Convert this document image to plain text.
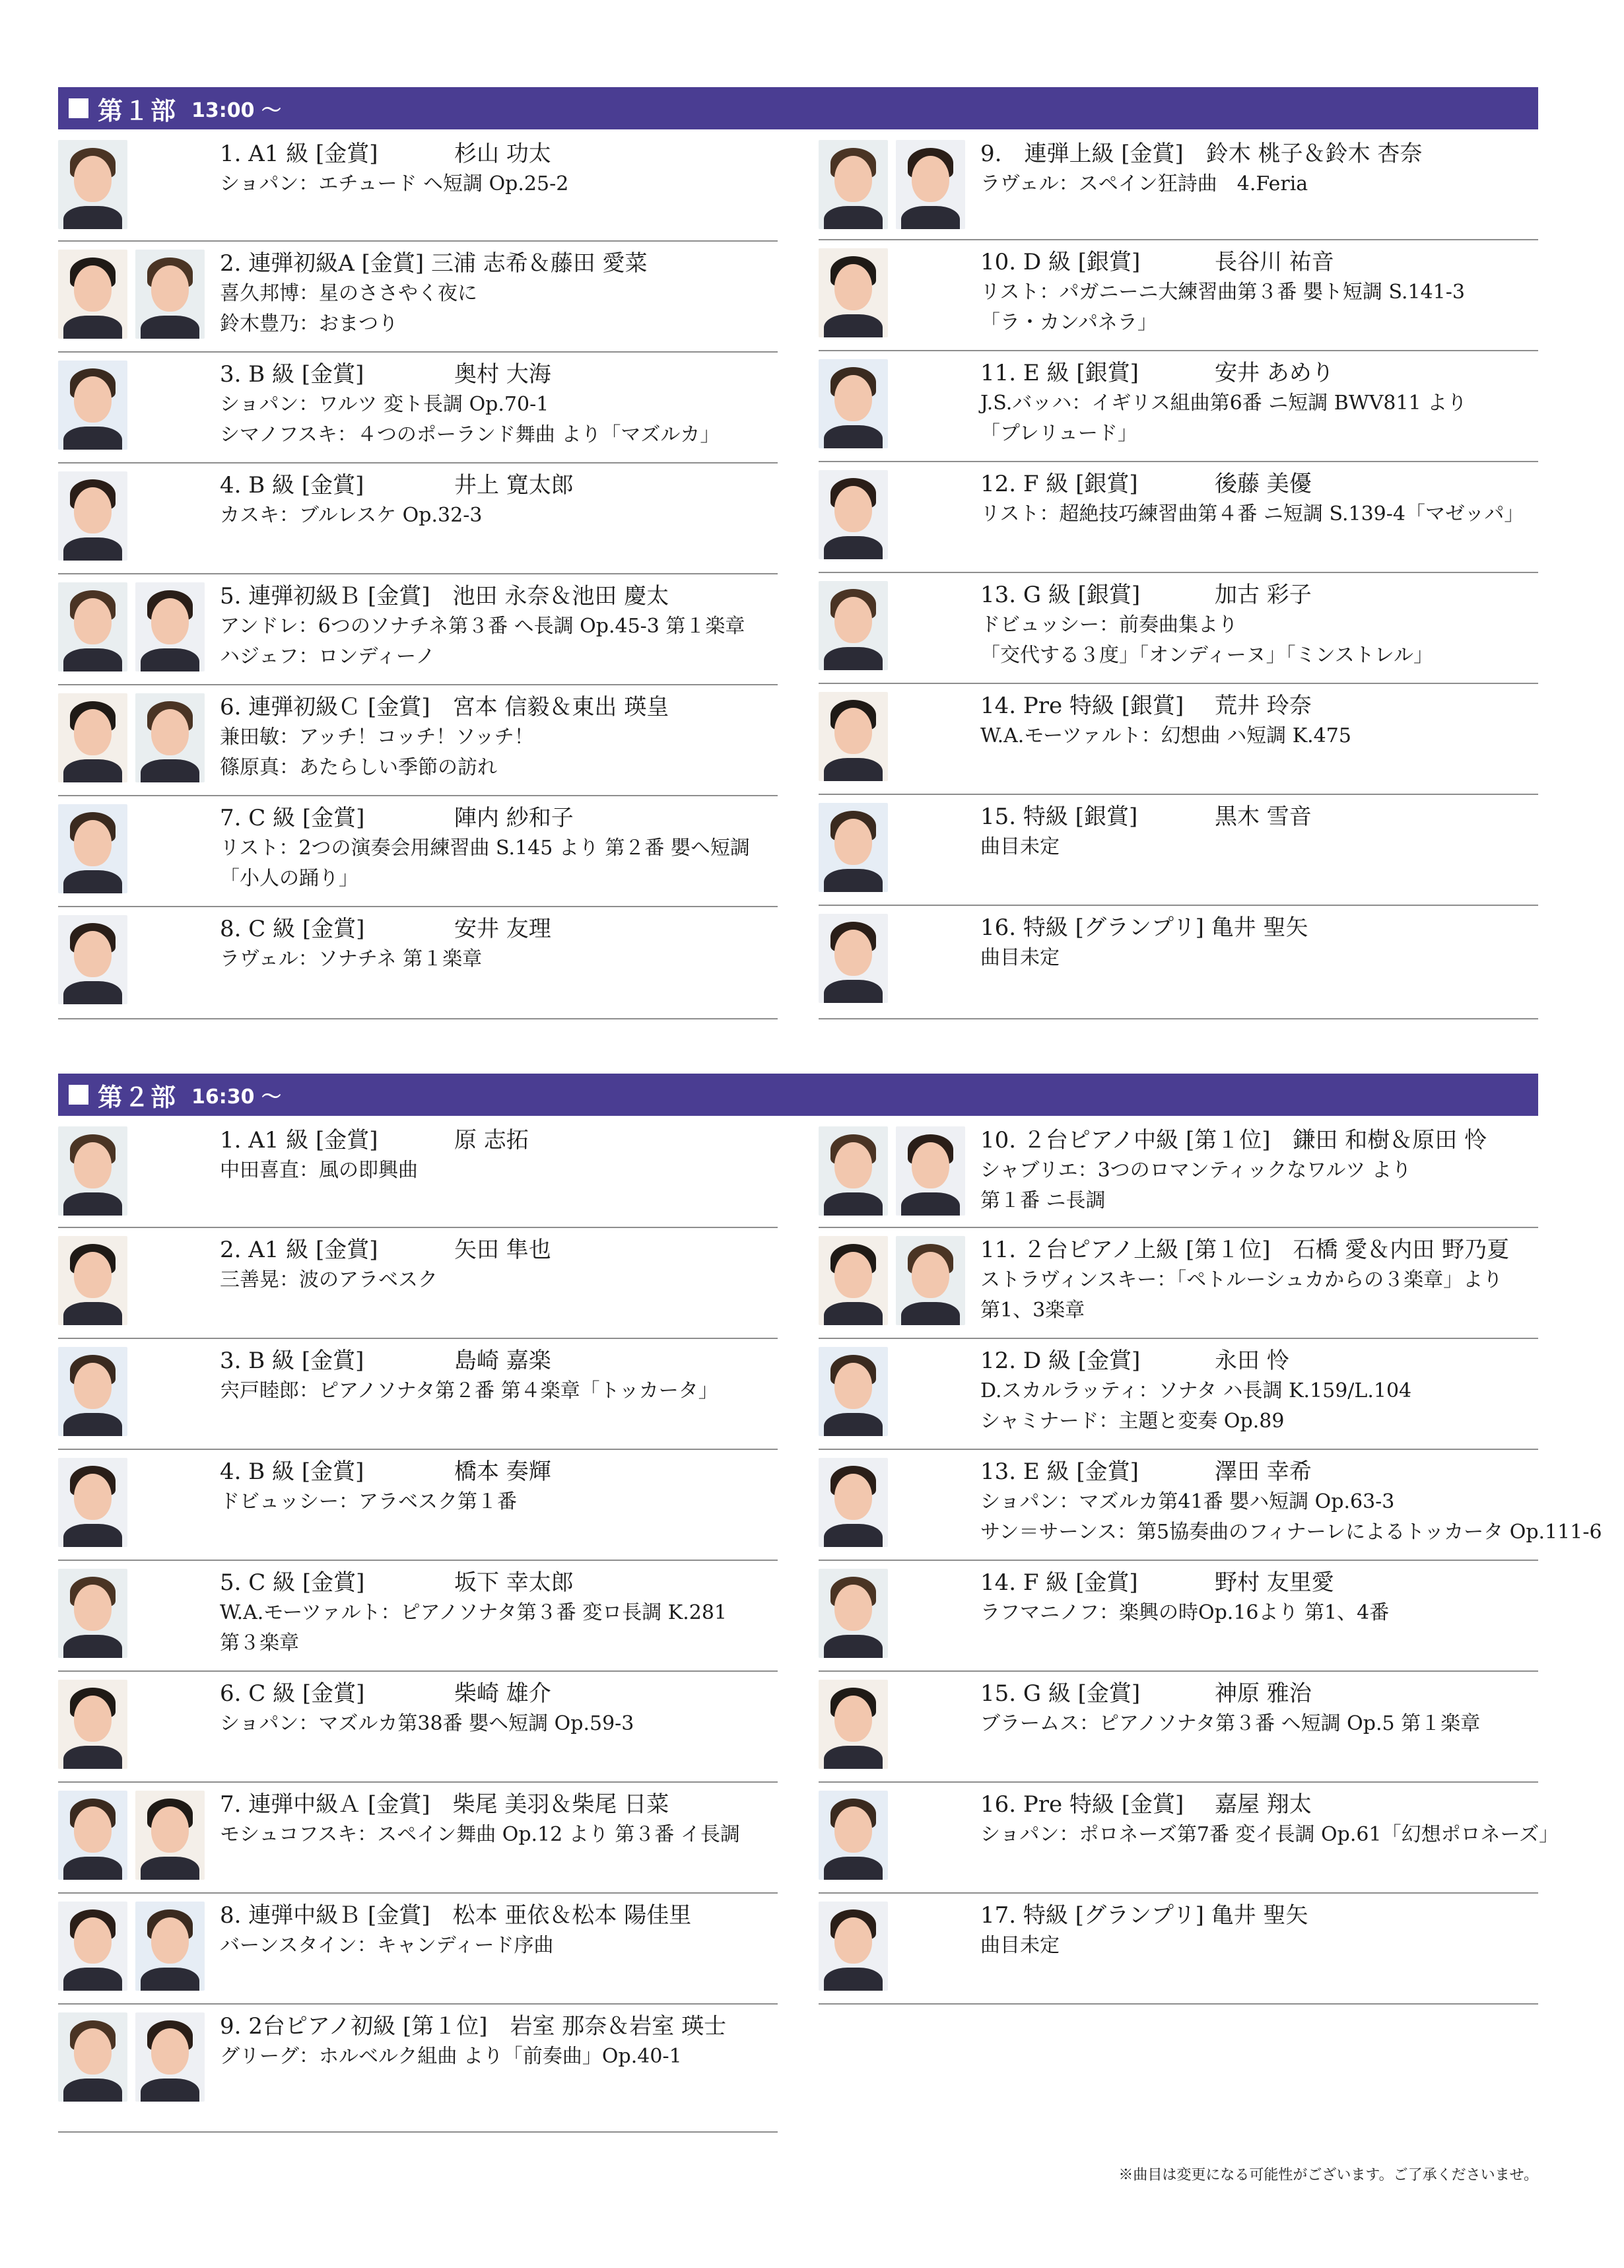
第１部 13:00 ～
1. A1 級 [金賞]	杉山 功太
ショパン：エチュード ヘ短調 Op.25-2
2. 連弾初級A [金賞] 三浦 志希＆藤田 愛菜
喜久邦博：星のささやく夜に
鈴木豊乃：おまつり
3. B 級 [金賞]	奥村 大海
ショパン：ワルツ 変ト長調 Op.70-1
シマノフスキ：４つのポーランド舞曲 より「マズルカ」
4. B 級 [金賞]	井上 寛太郎
カスキ：ブルレスケ Op.32-3
5. 連弾初級Ｂ [金賞]　池田 永奈＆池田 慶太
アンドレ：6つのソナチネ第３番 ヘ長調 Op.45-3 第１楽章
ハジェフ：ロンディーノ
6. 連弾初級Ｃ [金賞]　宮本 信毅＆東出 瑛皇
兼田敏：アッチ！コッチ！ソッチ！
篠原真：あたらしい季節の訪れ
7. C 級 [金賞]	陣内 紗和子
リスト：2つの演奏会用練習曲 S.145 より 第２番 嬰ヘ短調
「小人の踊り」
8. C 級 [金賞]	安井 友理
ラヴェル：ソナチネ 第１楽章
9.　連弾上級 [金賞]　鈴木 桃子＆鈴木 杏奈
ラヴェル：スペイン狂詩曲　4.Feria
10. D 級 [銀賞]	長谷川 祐音
リスト：パガニーニ大練習曲第３番 嬰ト短調 S.141-3
「ラ・カンパネラ」
11. E 級 [銀賞]	安井 あめり
J.S.バッハ：イギリス組曲第6番 ニ短調 BWV811 より
「プレリュード」
12. F 級 [銀賞]	後藤 美優
リスト：超絶技巧練習曲第４番 ニ短調 S.139-4「マゼッパ」
13. G 級 [銀賞]	加古 彩子
ドビュッシー：前奏曲集より
「交代する３度」「オンディーヌ」「ミンストレル」
14. Pre 特級 [銀賞] 荒井 玲奈
W.A.モーツァルト：幻想曲 ハ短調 K.475
15. 特級 [銀賞]	黒木 雪音
曲目未定
16. 特級 [グランプリ] 亀井 聖矢
曲目未定
第２部 16:30 ～
1. A1 級 [金賞]	原 志拓
中田喜直：風の即興曲
2. A1 級 [金賞]	矢田 隼也
三善晃：波のアラベスク
3. B 級 [金賞]	島崎 嘉楽
宍戸睦郎：ピアノソナタ第２番 第４楽章「トッカータ」
4. B 級 [金賞]	橋本 奏輝
ドビュッシー：アラベスク第１番
5. C 級 [金賞]	坂下 幸太郎
W.A.モーツァルト：ピアノソナタ第３番 変ロ長調 K.281
第３楽章
6. C 級 [金賞]	柴崎 雄介
ショパン：マズルカ第38番 嬰ヘ短調 Op.59-3
7. 連弾中級Ａ [金賞]　柴尾 美羽＆柴尾 日菜
モシュコフスキ：スペイン舞曲 Op.12 より 第３番 イ長調
8. 連弾中級Ｂ [金賞]　松本 亜依＆松本 陽佳里
バーンスタイン：キャンディード序曲
9. 2台ピアノ初級 [第１位]　岩室 那奈＆岩室 瑛士
グリーグ：ホルベルク組曲 より「前奏曲」Op.40-1
10. ２台ピアノ中級 [第１位]　鎌田 和樹＆原田 怜
シャブリエ：3つのロマンティックなワルツ より
第１番 ニ長調
11. ２台ピアノ上級 [第１位]　石橋 愛＆内田 野乃夏
ストラヴィンスキー：「ペトルーシュカからの３楽章」より
第1、3楽章
12. D 級 [金賞]	永田 怜
D.スカルラッティ：ソナタ ハ長調 K.159/L.104
シャミナード：主題と変奏 Op.89
13. E 級 [金賞]	澤田 幸希
ショパン：マズルカ第41番 嬰ハ短調 Op.63-3
サン＝サーンス：第5協奏曲のフィナーレによるトッカータ Op.111-6
14. F 級 [金賞]	野村 友里愛
ラフマニノフ：楽興の時Op.16より 第1、4番
15. G 級 [金賞]	神原 雅治
ブラームス：ピアノソナタ第３番 ヘ短調 Op.5 第１楽章
16. Pre 特級 [金賞] 嘉屋 翔太
ショパン：ポロネーズ第7番 変イ長調 Op.61「幻想ポロネーズ」
17. 特級 [グランプリ] 亀井 聖矢
曲目未定
※曲目は変更になる可能性がございます。ご了承くださいませ。
